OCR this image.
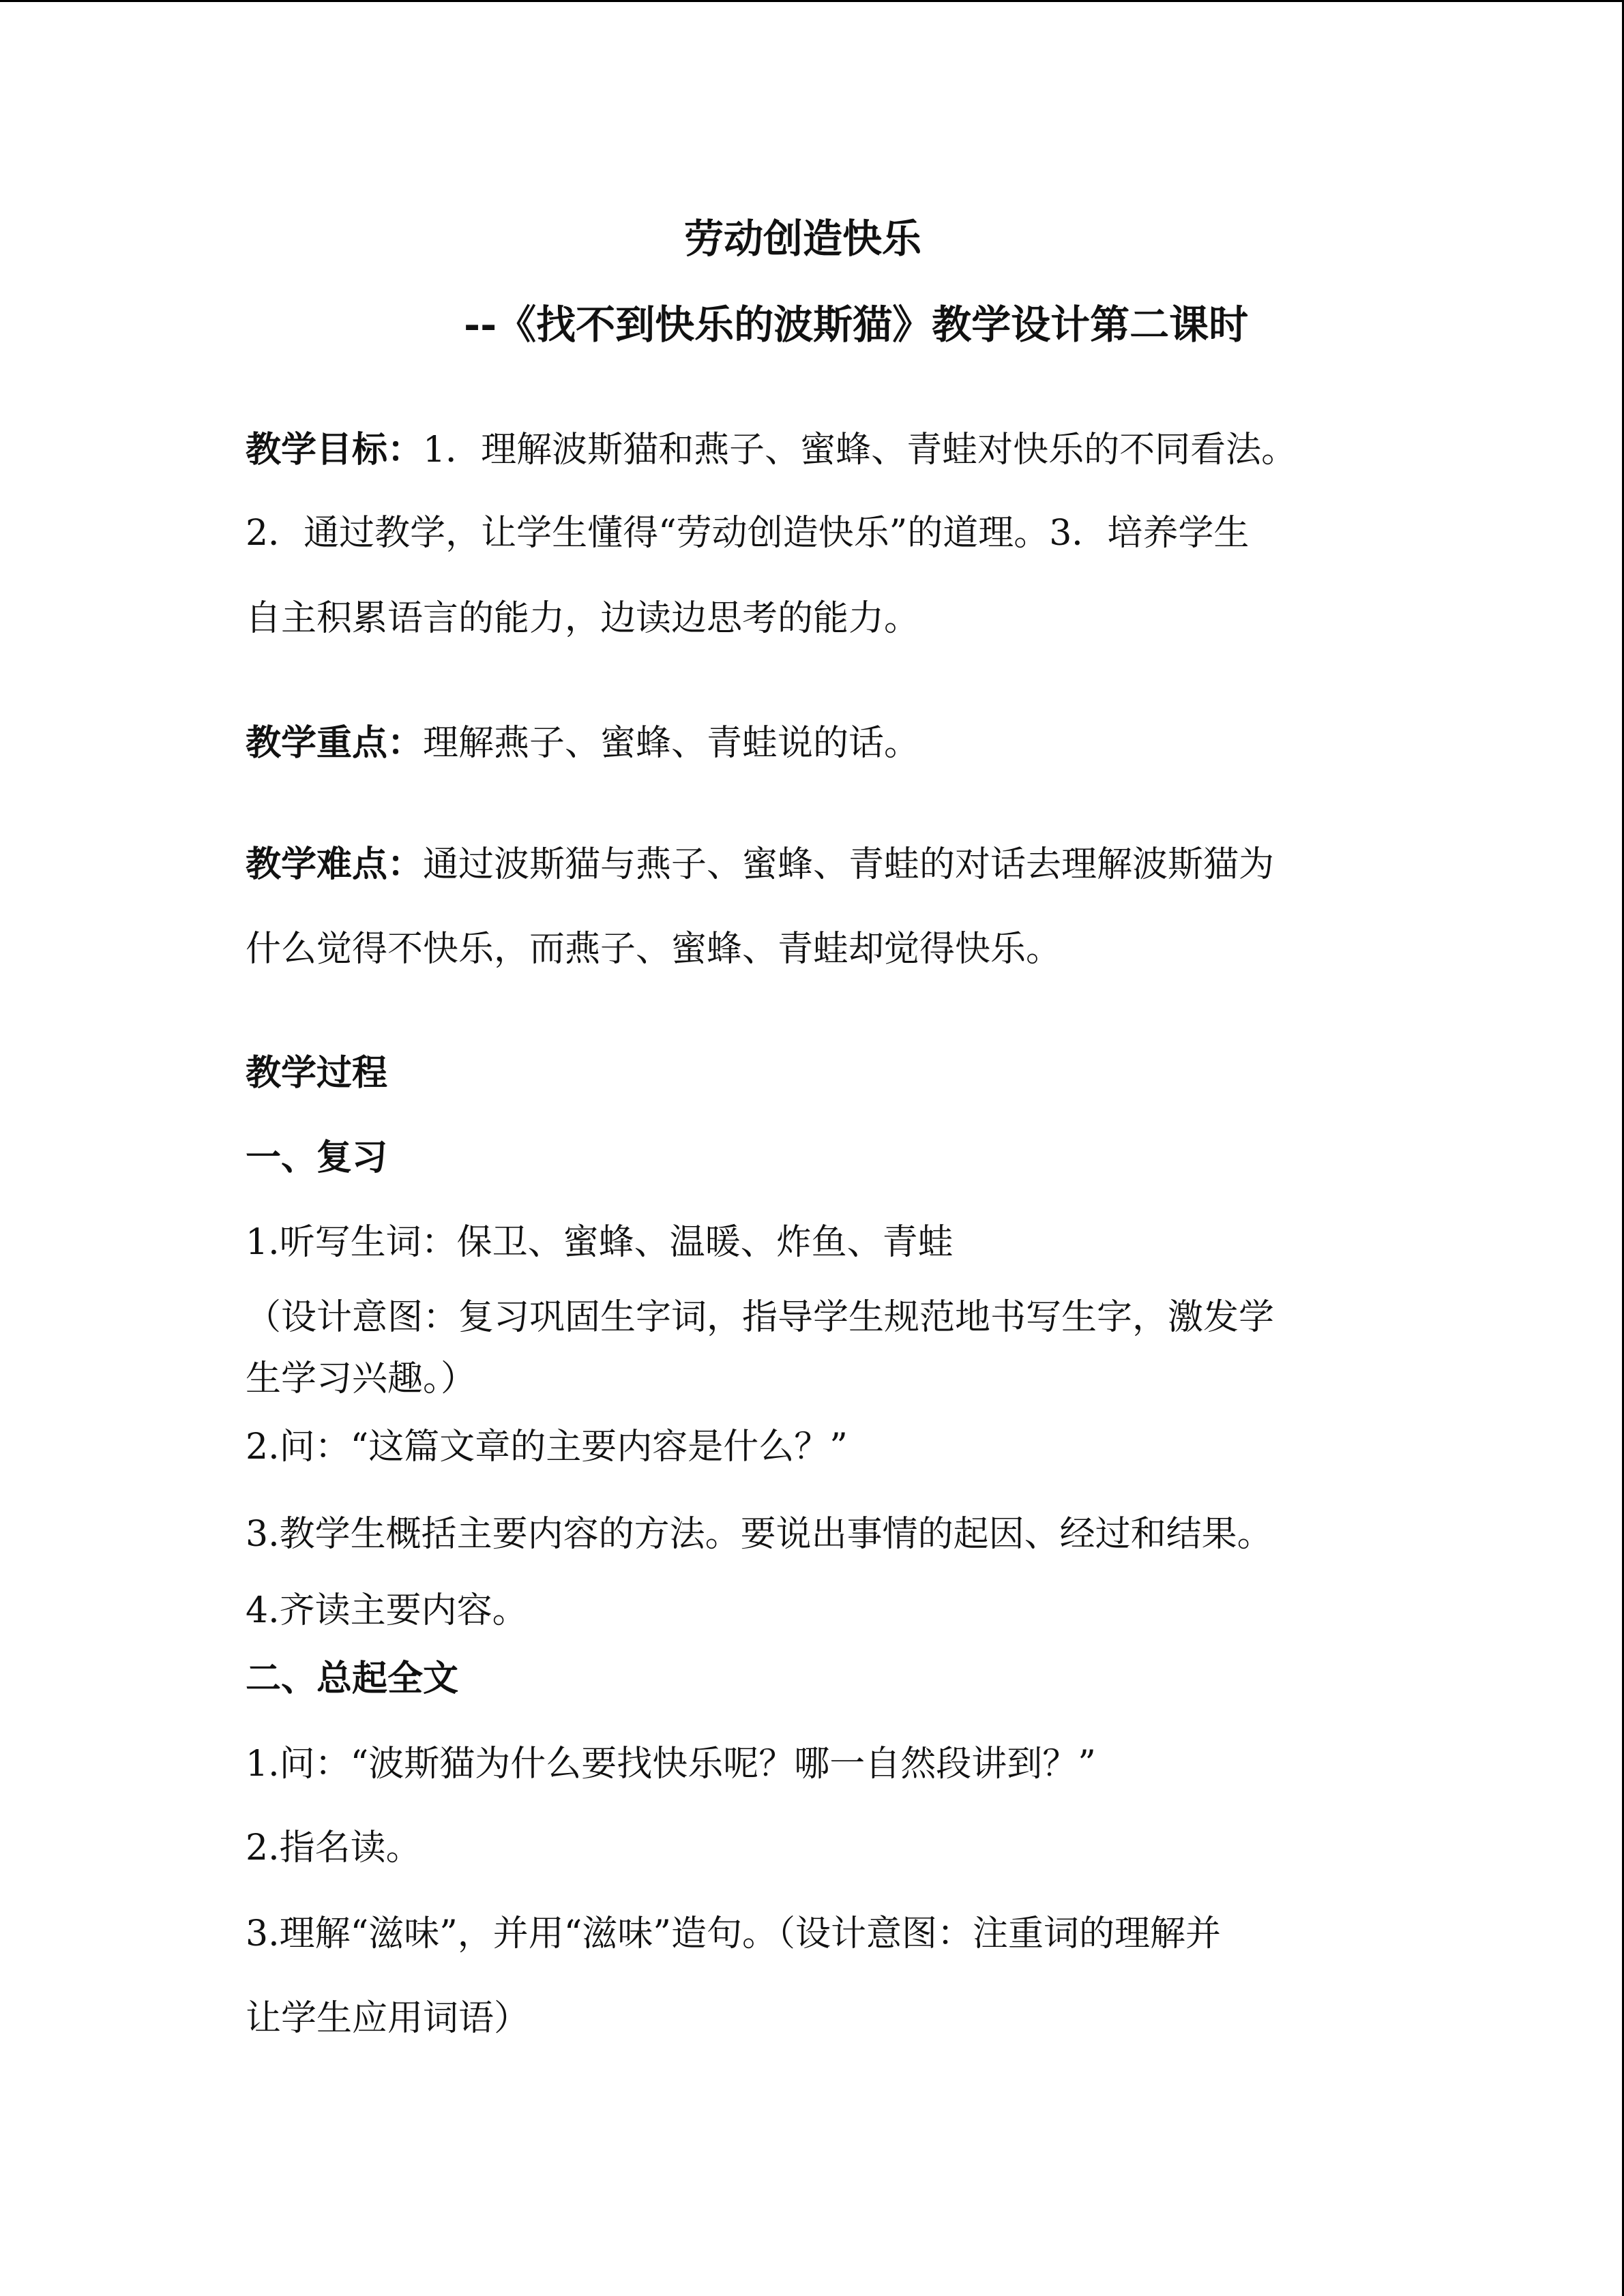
劳动创造快乐
--《找不到快乐的波斯猫》教学设计第二课时
教学目标：1．理解波斯猫和燕子、蜜蜂、青蛙对快乐的不同看法。
2．通过教学，让学生懂得“劳动创造快乐”的道理。3．培养学生
自主积累语言的能力，边读边思考的能力。
教学重点：理解燕子、蜜蜂、青蛙说的话。
教学难点：通过波斯猫与燕子、蜜蜂、青蛙的对话去理解波斯猫为
什么觉得不快乐，而燕子、蜜蜂、青蛙却觉得快乐。
教学过程
一、复习
1.听写生词：保卫、蜜蜂、温暖、炸鱼、青蛙
（设计意图：复习巩固生字词，指导学生规范地书写生字，激发学
生学习兴趣。）
2.问：“这篇文章的主要内容是什么？”
3.教学生概括主要内容的方法。要说出事情的起因、经过和结果。
4.齐读主要内容。
二、总起全文
1.问：“波斯猫为什么要找快乐呢？哪一自然段讲到？”
2.指名读。
3.理解“滋味”，并用“滋味”造句。（设计意图：注重词的理解并
让学生应用词语）
